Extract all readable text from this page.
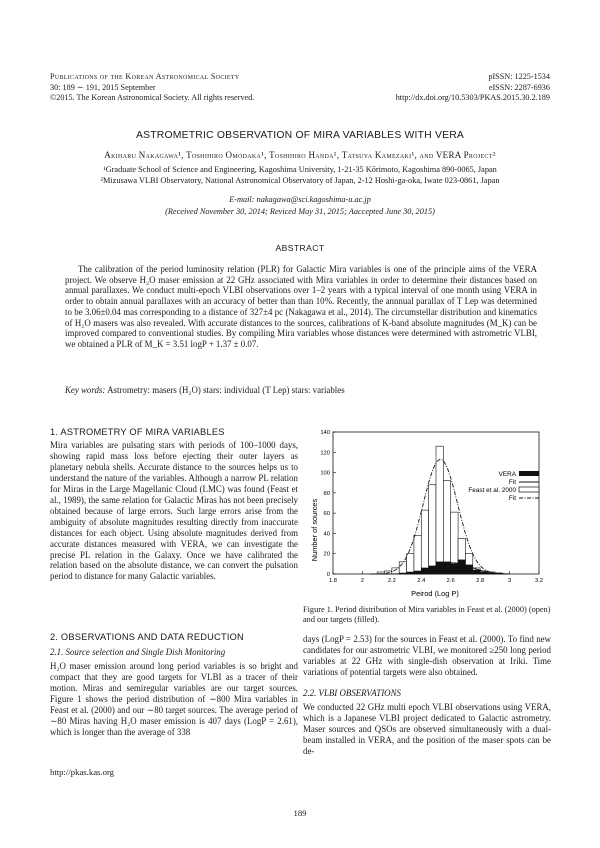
Publications of the Korean Astronomical Society
30: 189 ∼ 191, 2015 September
©2015. The Korean Astronomical Society. All rights reserved.
pISSN: 1225-1534
eISSN: 2287-6936
http://dx.doi.org/10.5303/PKAS.2015.30.2.189
ASTROMETRIC OBSERVATION OF MIRA VARIABLES WITH VERA
Akiharu Nakagawa¹, Toshihiro Omodaka¹, Toshihiro Handa¹, Tatsuya Kamezaki¹, and VERA Project²
¹Graduate School of Science and Engineering, Kagoshima University, 1-21-35 Kōrimoto, Kagoshima 890-0065, Japan
²Mizusawa VLBI Observatory, National Astronomical Observatory of Japan, 2-12 Hoshi-ga-oka, Iwate 023-0861, Japan
E-mail: nakagawa@sci.kagoshima-u.ac.jp
(Received November 30, 2014; Reviced May 31, 2015; Aaccepted June 30, 2015)
ABSTRACT
The calibration of the period luminosity relation (PLR) for Galactic Mira variables is one of the principle aims of the VERA project. We observe H₂O maser emission at 22 GHz associated with Mira variables in order to determine their distances based on annual parallaxes. We conduct multi-epoch VLBI observations over 1–2 years with a typical interval of one month using VERA in order to obtain annual parallaxes with an accuracy of better than than 10%. Recently, the annnual parallax of T Lep was determined to be 3.06±0.04 mas corresponding to a distance of 327±4 pc (Nakagawa et al., 2014). The circumstellar distribution and kinematics of H₂O masers was also revealed. With accurate distances to the sources, calibrations of K-band absolute magnitudes (M_K) can be improved compared to conventional studies. By compiling Mira variables whose distances were determined with astrometric VLBI, we obtained a PLR of M_K = 3.51 logP + 1.37 ± 0.07.
Key words: Astrometry: masers (H₂O) stars: individual (T Lep) stars: variables
1. ASTROMETRY OF MIRA VARIABLES
Mira variables are pulsating stars with periods of 100–1000 days, showing rapid mass loss before ejecting their outer layers as planetary nebula shells. Accurate distance to the sources helps us to understand the nature of the variables. Although a narrow PL relation for Miras in the Large Magellanic Cloud (LMC) was found (Feast et al., 1989), the same relation for Galactic Miras has not been precisely obtained because of large errors. Such large errors arise from the ambiguity of absolute magnitudes resulting directly from inaccurate distances for each object. Using absolute magnitudes derived from accurate distances measured with VERA, we can investigate the precise PL relation in the Galaxy. Once we have calibrated the relation based on the absolute distance, we can convert the pulsation period to distance for many Galactic variables.
2. OBSERVATIONS AND DATA REDUCTION
2.1. Source selection and Single Dish Monitoring
H₂O maser emission around long period variables is so bright and compact that they are good targets for VLBI as a tracer of their motion. Miras and semiregular variables are our target sources. Figure 1 shows the period distribution of ∼800 Mira variables in Feast et al. (2000) and our ∼80 target sources. The average period of ∼80 Miras having H₂O maser emission is 407 days (LogP = 2.61), which is longer than the average of 338
http://pkas.kas.org
1.8	2	2.2	2.4	2.6	2.8	3	3.2
0
20
40
60
80
100
120
140
Number of sources
Peirod (Log P)
VERA
Fit
Feast et al. 2000
Fit
Figure 1. Period distribution of Mira variables in Feast et al. (2000) (open) and our targets (filled).
days (LogP = 2.53) for the sources in Feast et al. (2000). To find new candidates for our astrometric VLBI, we monitored ≥250 long period variables at 22 GHz with single-dish observation at Iriki. Time variations of potential targets were also obtained.
2.2. VLBI OBSERVATIONS
We conducted 22 GHz multi epoch VLBI observations using VERA, which is a Japanese VLBI project dedicated to Galactic astrometry. Maser sources and QSOs are observed simultaneously with a dual-beam installed in VERA, and the position of the maser spots can be de-
189
